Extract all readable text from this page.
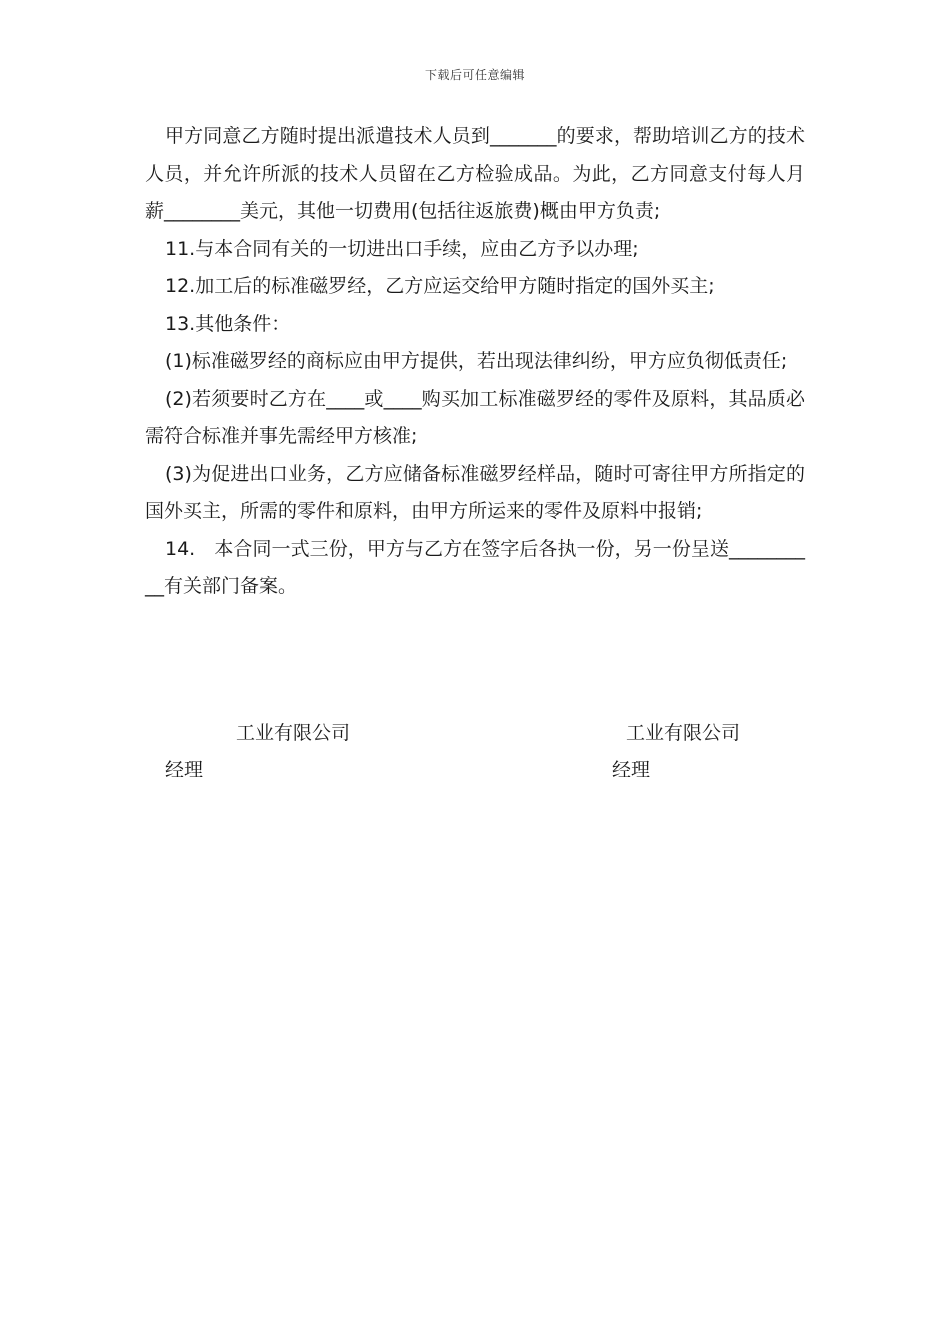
下载后可任意编辑

甲方同意乙方随时提出派遣技术人员到_______的要求，帮助培训乙方的技术人员，并允许所派的技术人员留在乙方检验成品。为此，乙方同意支付每人月薪________美元，其他一切费用(包括往返旅费)概由甲方负责;

11.与本合同有关的一切进出口手续，应由乙方予以办理;

12.加工后的标准磁罗经，乙方应运交给甲方随时指定的国外买主;

13.其他条件：

(1)标准磁罗经的商标应由甲方提供，若出现法律纠纷，甲方应负彻低责任;

(2)若须要时乙方在____或____购买加工标准磁罗经的零件及原料，其品质必需符合标准并事先需经甲方核准;

(3)为促进出口业务，乙方应储备标准磁罗经样品，随时可寄往甲方所指定的国外买主，所需的零件和原料，由甲方所运来的零件及原料中报销;

14.　本合同一式三份，甲方与乙方在签字后各执一份，另一份呈送__________有关部门备案。

工业有限公司	工业有限公司
经理	经理
